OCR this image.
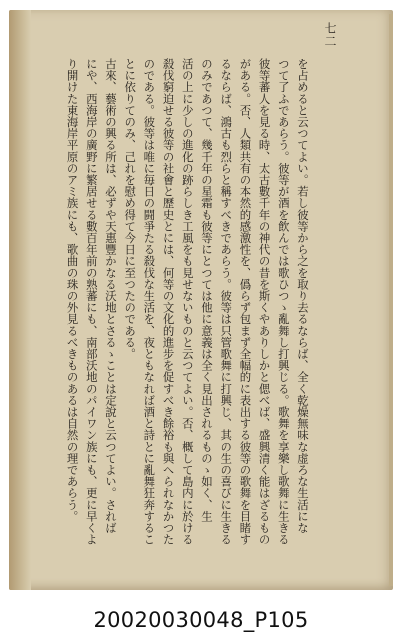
七二

を占めると云つてよい。若し彼等から之を取り去るならば、全く乾燥無味な虚ろな生活にな

つて了ふであらう。彼等が酒を飲んでは歌ひつゝ亂舞し打興じる。歌舞を享樂し歌舞に生きる

彼等蕃人を見る時、太古數千年の神代の昔を斯くやありしかと偲べば、盛興清く能はざるもの

がある。否、人類共有の本然的感激性を、僞らず包まず全幅的に表出する彼等の歌舞を目睹す

るならば、鴻古も烈らと稱すべきであらう。彼等は只管歌舞に打興じ、其の生の喜びに生きる

のみであつて、幾千年の星霜も彼等にとつては他に意義は全く見出されるものゝ如く、生

活の上に少しの進化の跡らしき工風をも見せないものと云つてよい。否、概して島内に於ける

殺伐窮迫せる彼等の社會と歷史とには、何等の文化的進步を促すべき餘裕も與へられなかつた

のである。彼等は唯に毎日の闘爭たる殺伐な生活を、夜ともなれば酒と詩とに亂舞狂奔するこ

とに依りてのみ、己れを慰め得て今日に至つたのである。

古來、藝術の興る所は、必ずや天惠豐かなる沃地とさるゝことは定說と云つてよい。されば

にや、西海岸の廣野に繁居せる數百年前の熟蕃にも、南部沃地のパイワン族にも、更に早くよ

り開けた東海岸平原のアミ族にも、歌曲の珠の外見るべきものあるは自然の理であらう。

20020030048_P105
